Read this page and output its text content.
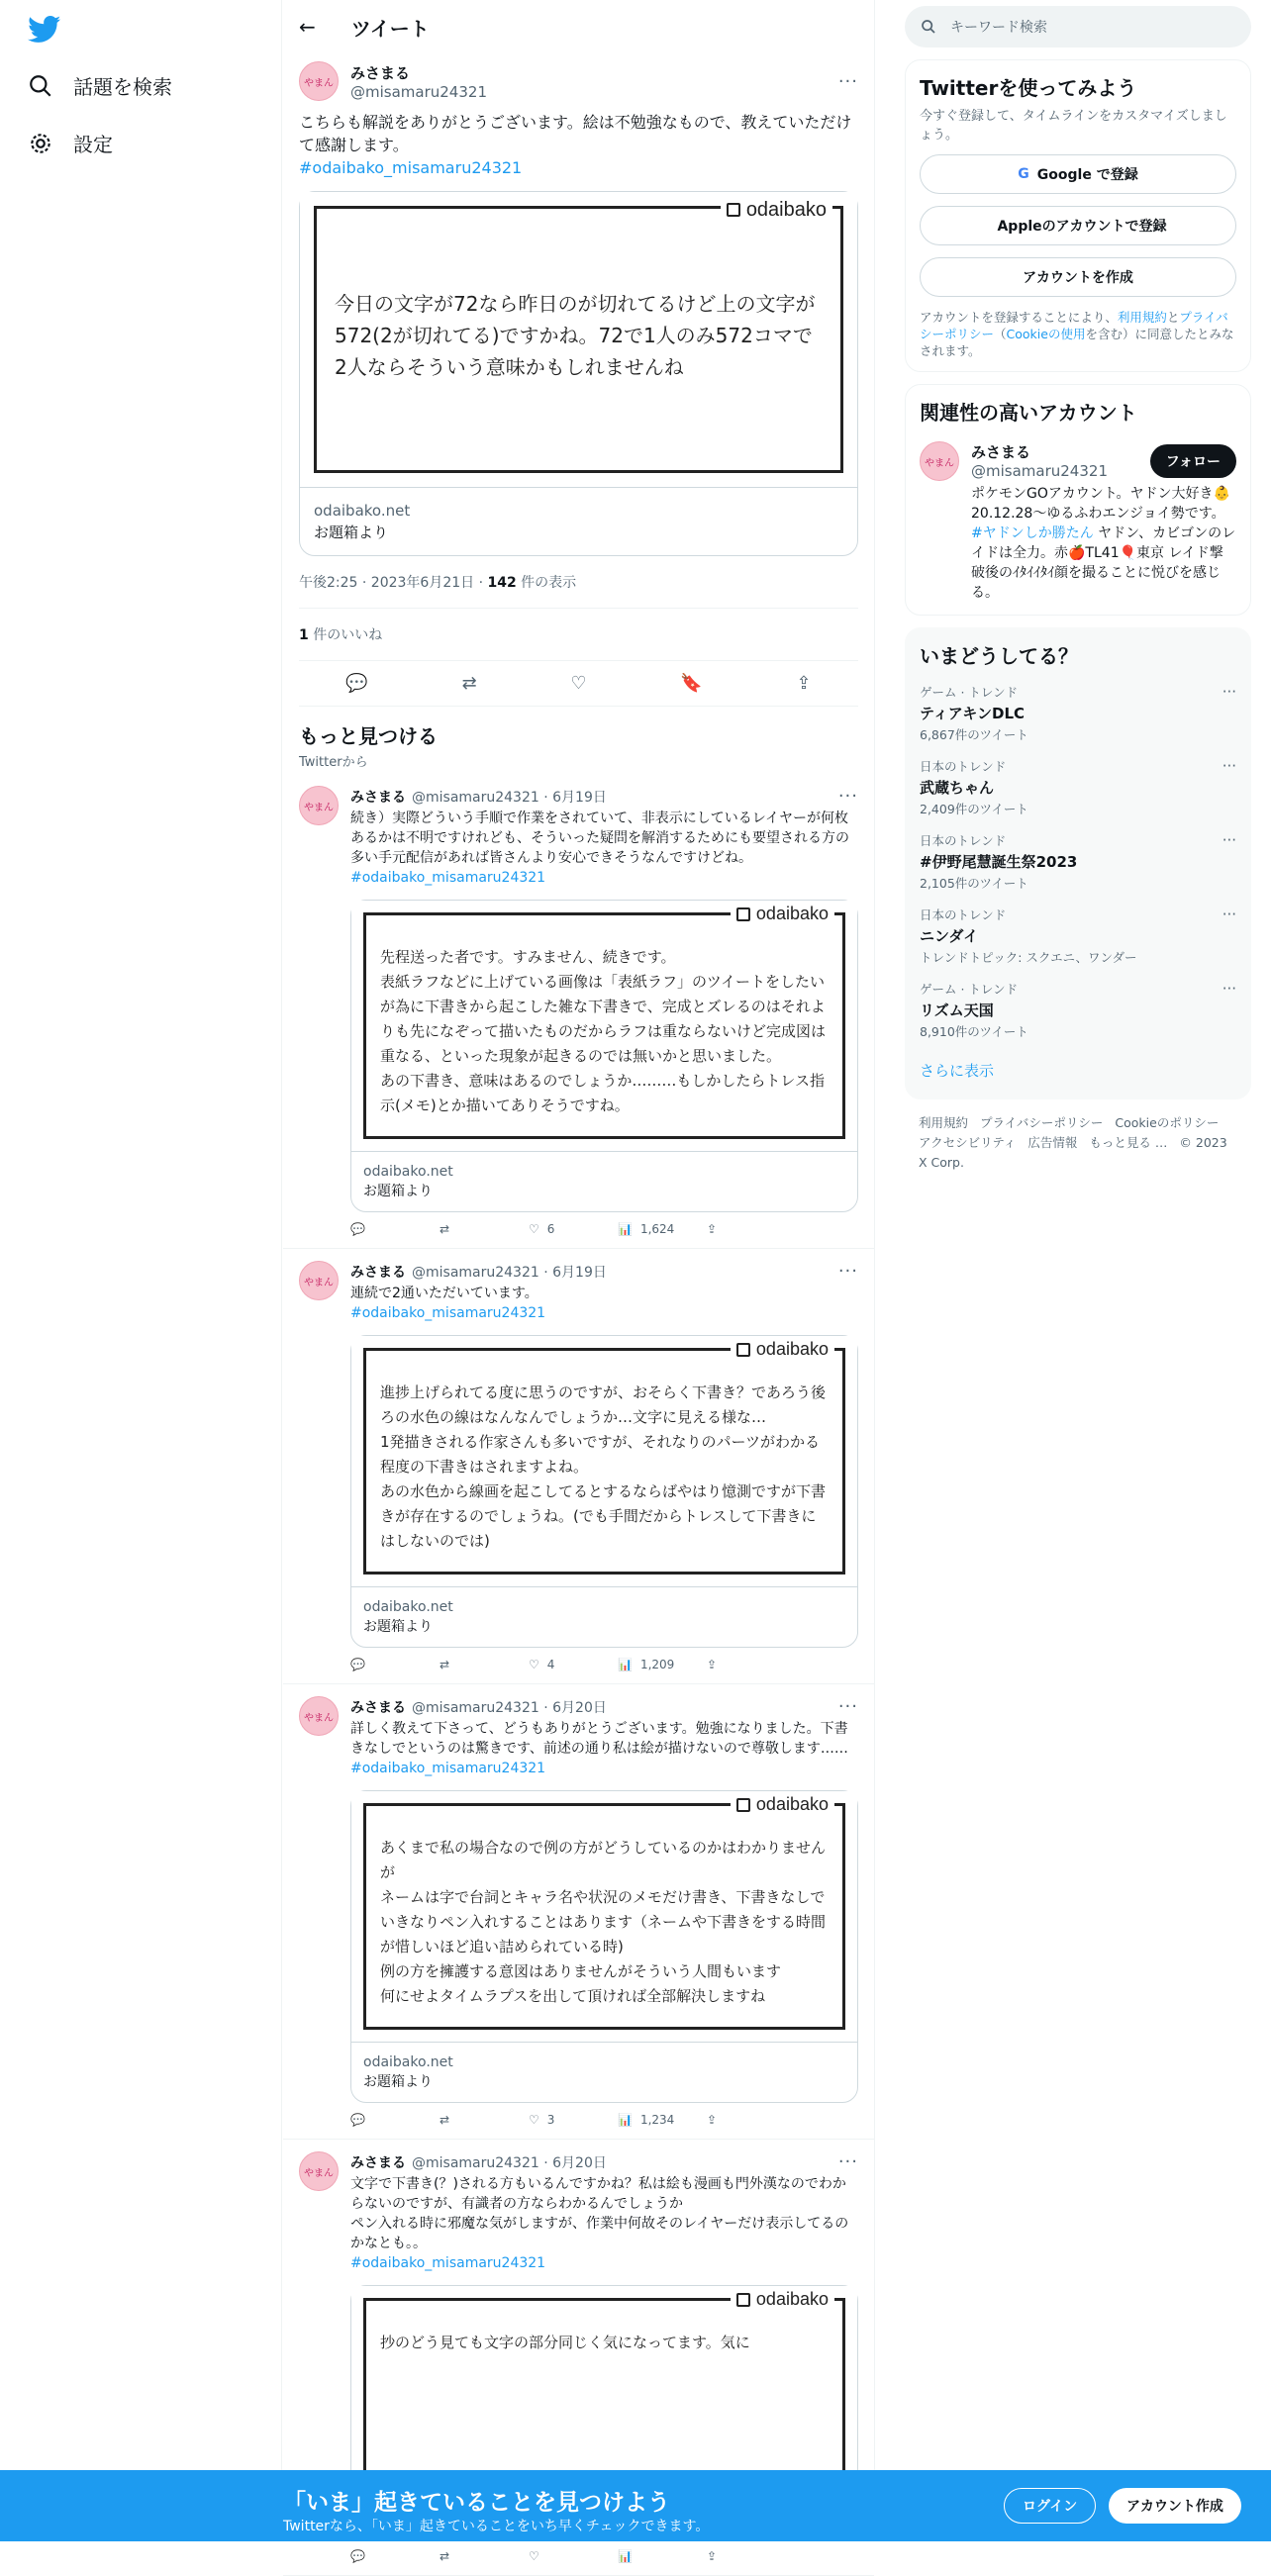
話題を検索
設定
← ツイート
やまん
みさまる
@misamaru24321	···
こちらも解説をありがとうございます。絵は不勉強なもので、教えていただけて感謝します。
#odaibako_misamaru24321
odaibako
今日の文字が72なら昨日のが切れてるけど上の文字が572(2が切れてる)ですかね。72で1人のみ572コマで2人ならそういう意味かもしれませんね
odaibako.net
お題箱より
午後2:25 · 2023年6月21日 · 142 件の表示
1 件のいいね
💬	⇄	♡	🔖	⇪
もっと見つける
Twitterから
やまん
みさまる @misamaru24321 · 6月19日	···
続き）実際どういう手順で作業をされていて、非表示にしているレイヤーが何枚あるかは不明ですけれども、そういった疑問を解消するためにも要望される方の多い手元配信があれば皆さんより安心できそうなんですけどね。
#odaibako_misamaru24321
odaibako
先程送った者です。すみません、続きです。
表紙ラフなどに上げている画像は「表紙ラフ」のツイートをしたいが為に下書きから起こした雑な下書きで、完成とズレるのはそれよりも先になぞって描いたものだからラフは重ならないけど完成図は重なる、といった現象が起きるのでは無いかと思いました。
あの下書き、意味はあるのでしょうか………もしかしたらトレス指示(メモ)とか描いてありそうですね。
odaibako.net
お題箱より
💬	⇄	♡ 6	📊 1,624	⇪
やまん
みさまる @misamaru24321 · 6月19日	···
連続で2通いただいています。
#odaibako_misamaru24321
odaibako
進捗上げられてる度に思うのですが、おそらく下書き？であろう後ろの水色の線はなんなんでしょうか…文字に見える様な…
1発描きされる作家さんも多いですが、それなりのパーツがわかる程度の下書きはされますよね。
あの水色から線画を起こしてるとするならばやはり憶測ですが下書きが存在するのでしょうね。(でも手間だからトレスして下書きにはしないのでは)
odaibako.net
お題箱より
💬	⇄	♡ 4	📊 1,209	⇪
やまん
みさまる @misamaru24321 · 6月20日	···
詳しく教えて下さって、どうもありがとうございます。勉強になりました。下書きなしでというのは驚きです、前述の通り私は絵が描けないので尊敬します……
#odaibako_misamaru24321
odaibako
あくまで私の場合なので例の方がどうしているのかはわかりませんが
ネームは字で台詞とキャラ名や状況のメモだけ書き、下書きなしでいきなりペン入れすることはあります（ネームや下書きをする時間が惜しいほど追い詰められている時)
例の方を擁護する意図はありませんがそういう人間もいます
何にせよタイムラプスを出して頂ければ全部解決しますね
odaibako.net
お題箱より
💬	⇄	♡ 3	📊 1,234	⇪
やまん
みさまる @misamaru24321 · 6月20日	···
文字で下書き(？)される方もいるんですかね？私は絵も漫画も門外漢なのでわからないのですが、有識者の方ならわかるんでしょうか
ペン入れる時に邪魔な気がしますが、作業中何故そのレイヤーだけ表示してるのかなとも。。
#odaibako_misamaru24321
odaibako
抄のどう見ても文字の部分同じく気になってます。気に
💬	⇄	♡	📊	⇪
キーワード検索
Twitterを使ってみよう
今すぐ登録して、タイムラインをカスタマイズしましょう。
G Google で登録
Appleのアカウントで登録
アカウントを作成
アカウントを登録することにより、利用規約とプライバシーポリシー（Cookieの使用を含む）に同意したとみなされます。
関連性の高いアカウント
やまん
みさまる
@misamaru24321
フォロー
ポケモンGOアカウント。ヤドン大好き👶 20.12.28〜ゆるふわエンジョイ勢です。#ヤドンしか勝たん ヤドン、カビゴンのレイドは全力。赤🍎TL41🎈東京 レイド撃破後のｲﾀｲｲﾀｲ顔を撮ることに悦びを感じる。
いまどうしてる？
ゲーム · トレンド
ティアキンDLC
6,867件のツイート
···
日本のトレンド
武蔵ちゃん
2,409件のツイート
···
日本のトレンド
#伊野尾慧誕生祭2023
2,105件のツイート
···
日本のトレンド
ニンダイ
トレンドトピック: スクエニ、ワンダー
···
ゲーム · トレンド
リズム天国
8,910件のツイート
···
さらに表示
利用規約 プライバシーポリシー Cookieのポリシーアクセシビリティ 広告情報 もっと見る … © 2023 X Corp.
「いま」起きていることを見つけよう
Twitterなら、「いま」起きていることをいち早くチェックできます。
ログイン	アカウント作成
